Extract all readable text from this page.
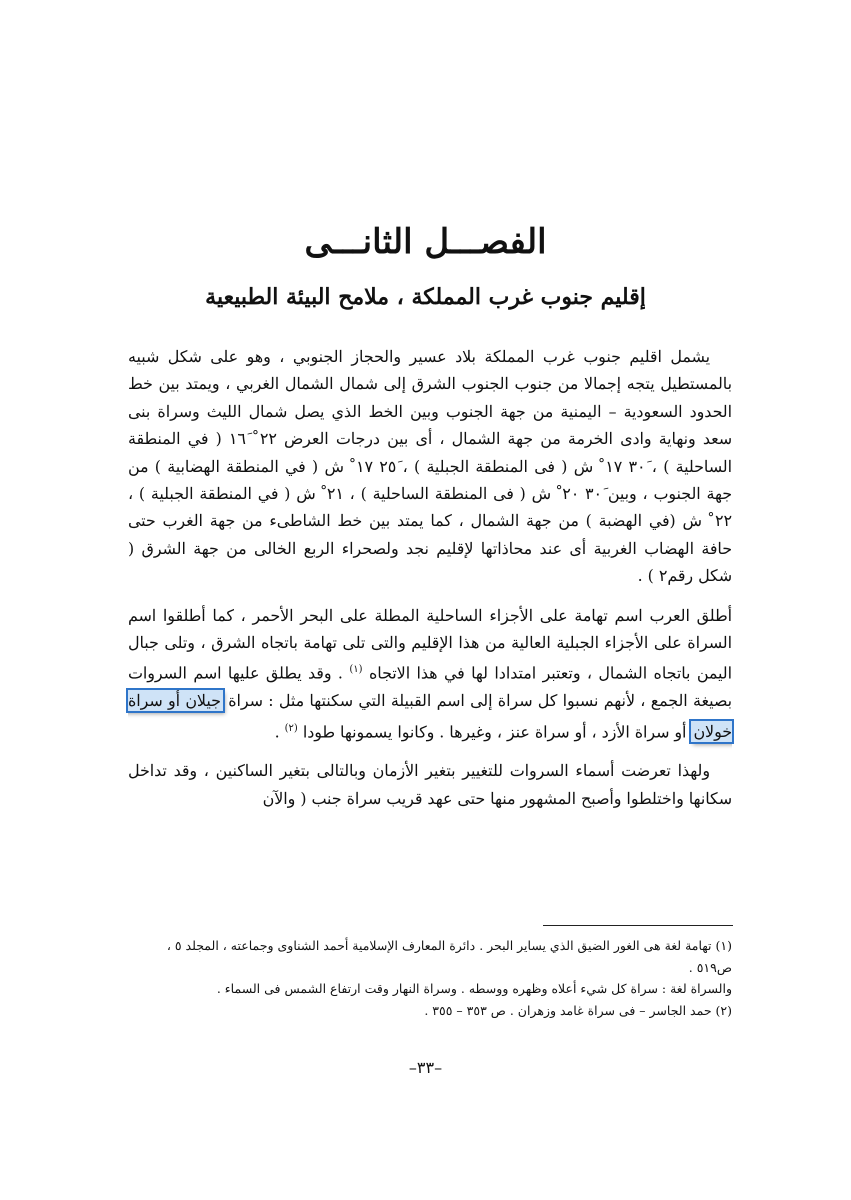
الفصـــل الثانـــى
إقليم جنوب غرب المملكة ، ملامح البيئة الطبيعية

يشمل اقليم جنوب غرب المملكة بلاد عسير والحجاز الجنوبي ، وهو على شكل شبيه بالمستطيل يتجه إجمالا من جنوب الجنوب الشرق إلى شمال الشمال الغربي ، ويمتد بين خط الحدود السعودية – اليمنية من جهة الجنوب وبين الخط الذي يصل شمال الليث وسراة بنى سعد ونهاية وادى الخرمة من جهة الشمال ، أى بين درجات العرض ٢٢ ْ ١٦َ ( في المنطقة الساحلية ) ، ٣٠َ ١٧ ْ ش ( فى المنطقة الجبلية ) ، ٢٥َ ١٧ ْ ش ( في المنطقة الهضابية ) من جهة الجنوب ، وبين ٣٠َ ٢٠ ْ ش ( فى المنطقة الساحلية ) ، ٢١ ْ ش ( في المنطقة الجبلية ) ، ٢٢ ْ ش (في الهضبة ) من جهة الشمال ، كما يمتد بين خط الشاطىء من جهة الغرب حتى حافة الهضاب الغربية أى عند محاذاتها لإقليم نجد ولصحراء الربع الخالى من جهة الشرق ( شكل رقم٢ ) .

أطلق العرب اسم تهامة على الأجزاء الساحلية المطلة على البحر الأحمر ، كما أطلقوا اسم السراة على الأجزاء الجبلية العالية من هذا الإقليم والتى تلى تهامة باتجاه الشرق ، وتلى جبال اليمن باتجاه الشمال ، وتعتبر امتدادا لها في هذا الاتجاه $^{(١)}$ . وقد يطلق عليها اسم السروات بصيغة الجمع ، لأنهم نسبوا كل سراة إلى اسم القبيلة التي سكنتها مثل : سراة جيلان أو سراة خولان أو سراة الأزد ، أو سراة عنز ، وغيرها . وكانوا يسمونها طودا $^{(٢)}$ .

ولهذا تعرضت أسماء السروات للتغيير بتغير الأزمان وبالتالى بتغير الساكنين ، وقد تداخل سكانها واختلطوا وأصبح المشهور منها حتى عهد قريب سراة جنب ( والآن

(١) تهامة لغة هى الغور الضيق الذي يساير البحر . دائرة المعارف الإسلامية أحمد الشناوى وجماعته ، المجلد ٥ ، ص٥١٩ .

والسراة لغة : سراة كل شيء أعلاه وظهره ووسطه . وسراة النهار وقت ارتفاع الشمس فى السماء .

(٢) حمد الجاسر – فى سراة غامد وزهران . ص ٣٥٣ – ٣٥٥ .

–٣٣–
